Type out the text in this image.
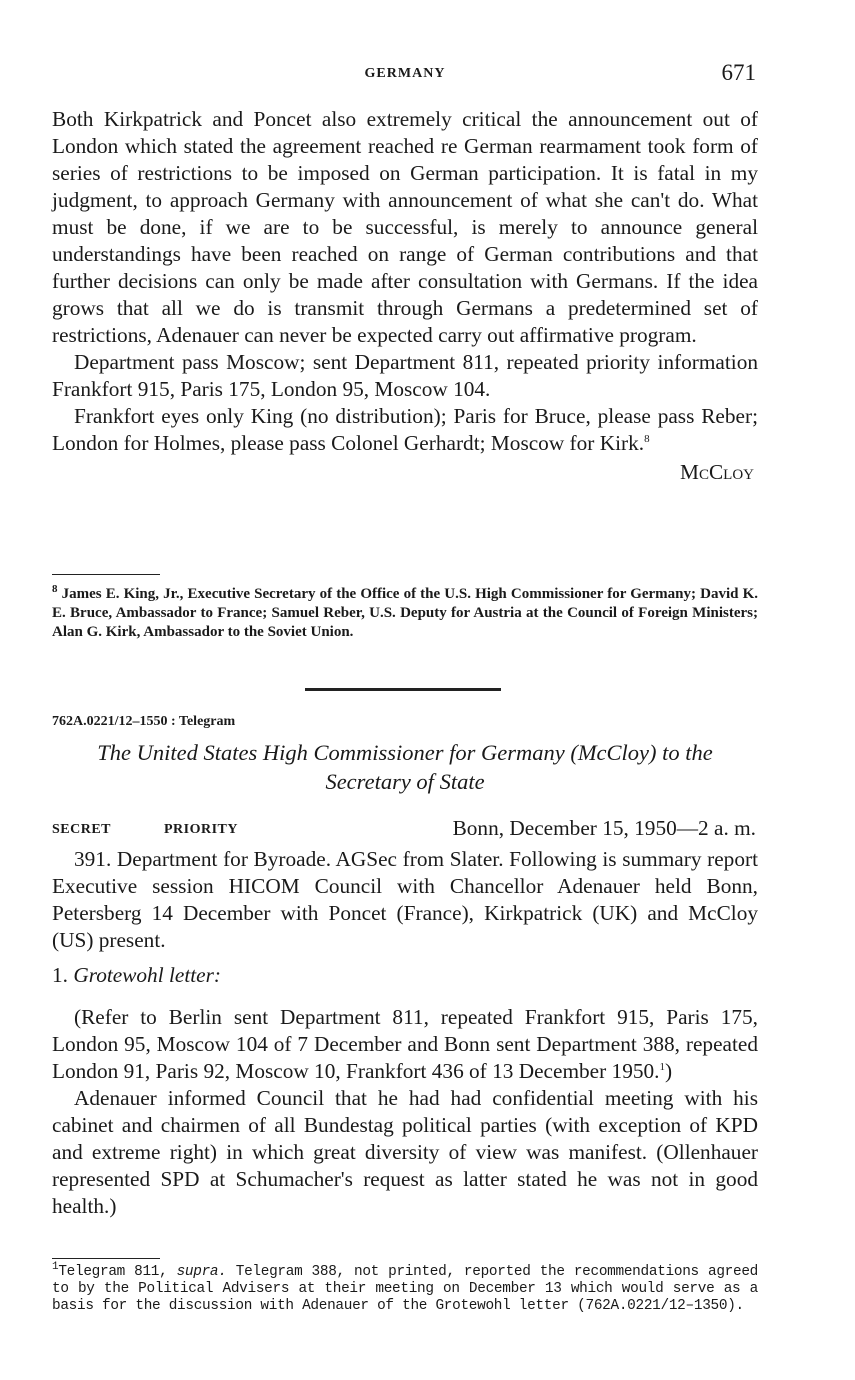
GERMANY	671

Both Kirkpatrick and Poncet also extremely critical the announcement out of London which stated the agreement reached re German rearmament took form of series of restrictions to be imposed on German participation. It is fatal in my judgment, to approach Germany with announcement of what she can't do. What must be done, if we are to be successful, is merely to announce general understandings have been reached on range of German contributions and that further decisions can only be made after consultation with Germans. If the idea grows that all we do is transmit through Germans a predetermined set of restrictions, Adenauer can never be expected carry out affirmative program.

Department pass Moscow; sent Department 811, repeated priority information Frankfort 915, Paris 175, London 95, Moscow 104.

Frankfort eyes only King (no distribution); Paris for Bruce, please pass Reber; London for Holmes, please pass Colonel Gerhardt; Moscow for Kirk.$^8$

McCloy
$^8$ James E. King, Jr., Executive Secretary of the Office of the U.S. High Commissioner for Germany; David K. E. Bruce, Ambassador to France; Samuel Reber, U.S. Deputy for Austria at the Council of Foreign Ministers; Alan G. Kirk, Ambassador to the Soviet Union.
762A.0221/12–1550 : Telegram
The United States High Commissioner for Germany (McCloy) to the
Secretary of State
SECRET	PRIORITY	Bonn, December 15, 1950—2 a. m.

391. Department for Byroade. AGSec from Slater. Following is summary report Executive session HICOM Council with Chancellor Adenauer held Bonn, Petersberg 14 December with Poncet (France), Kirkpatrick (UK) and McCloy (US) present.

1. Grotewohl letter:

(Refer to Berlin sent Department 811, repeated Frankfort 915, Paris 175, London 95, Moscow 104 of 7 December and Bonn sent Department 388, repeated London 91, Paris 92, Moscow 10, Frankfort 436 of 13 December 1950.$^1$)

Adenauer informed Council that he had had confidential meeting with his cabinet and chairmen of all Bundestag political parties (with exception of KPD and extreme right) in which great diversity of view was manifest. (Ollenhauer represented SPD at Schumacher's request as latter stated he was not in good health.)

$^1$Telegram 811, supra. Telegram 388, not printed, reported the recommendations agreed to by the Political Advisers at their meeting on December 13 which would serve as a basis for the discussion with Adenauer of the Grotewohl letter (762A.0221/12–1350).
